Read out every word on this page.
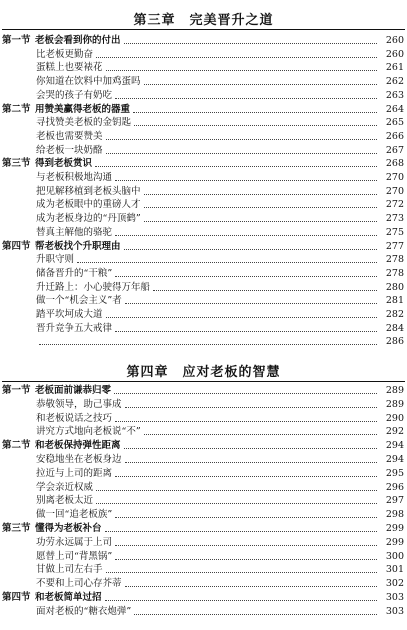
第三章 完美晋升之道
第一节 老板会看到你的付出	260
比老板更勤奋	260
蛋糕上也要裱花	261
你知道在饮料中加鸡蛋吗	262
会哭的孩子有奶吃	263
第二节 用赞美赢得老板的器重	264
寻找赞美老板的金钥匙	265
老板也需要赞美	266
给老板一块奶酪	267
第三节 得到老板赏识	268
与老板积极地沟通	270
把见解移植到老板头脑中	270
成为老板眼中的重磅人才	272
成为老板身边的“丹顶鹤”	273
替真主解他的骆驼	275
第四节 帮老板找个升职理由	277
升职守则	278
储备晋升的“干粮”	278
升迁路上：小心驶得万年船	280
做一个“机会主义”者	281
踏平坎坷成大道	282
晋升竞争五大戒律	284
286
第四章 应对老板的智慧
第一节 老板面前谦恭归零	289
恭敬领导，助己事成	289
和老板说话之技巧	290
讲究方式地向老板说“不”	292
第二节 和老板保持弹性距离	294
安稳地坐在老板身边	294
拉近与上司的距离	295
学会亲近权威	296
别离老板太近	297
做一回“追老板族”	298
第三节 懂得为老板补台	299
功劳永远属于上司	299
愿替上司“背黑锅”	300
甘做上司左右手	301
不要和上司心存芥蒂	302
第四节 和老板简单过招	303
面对老板的“糖衣炮弹”	303
